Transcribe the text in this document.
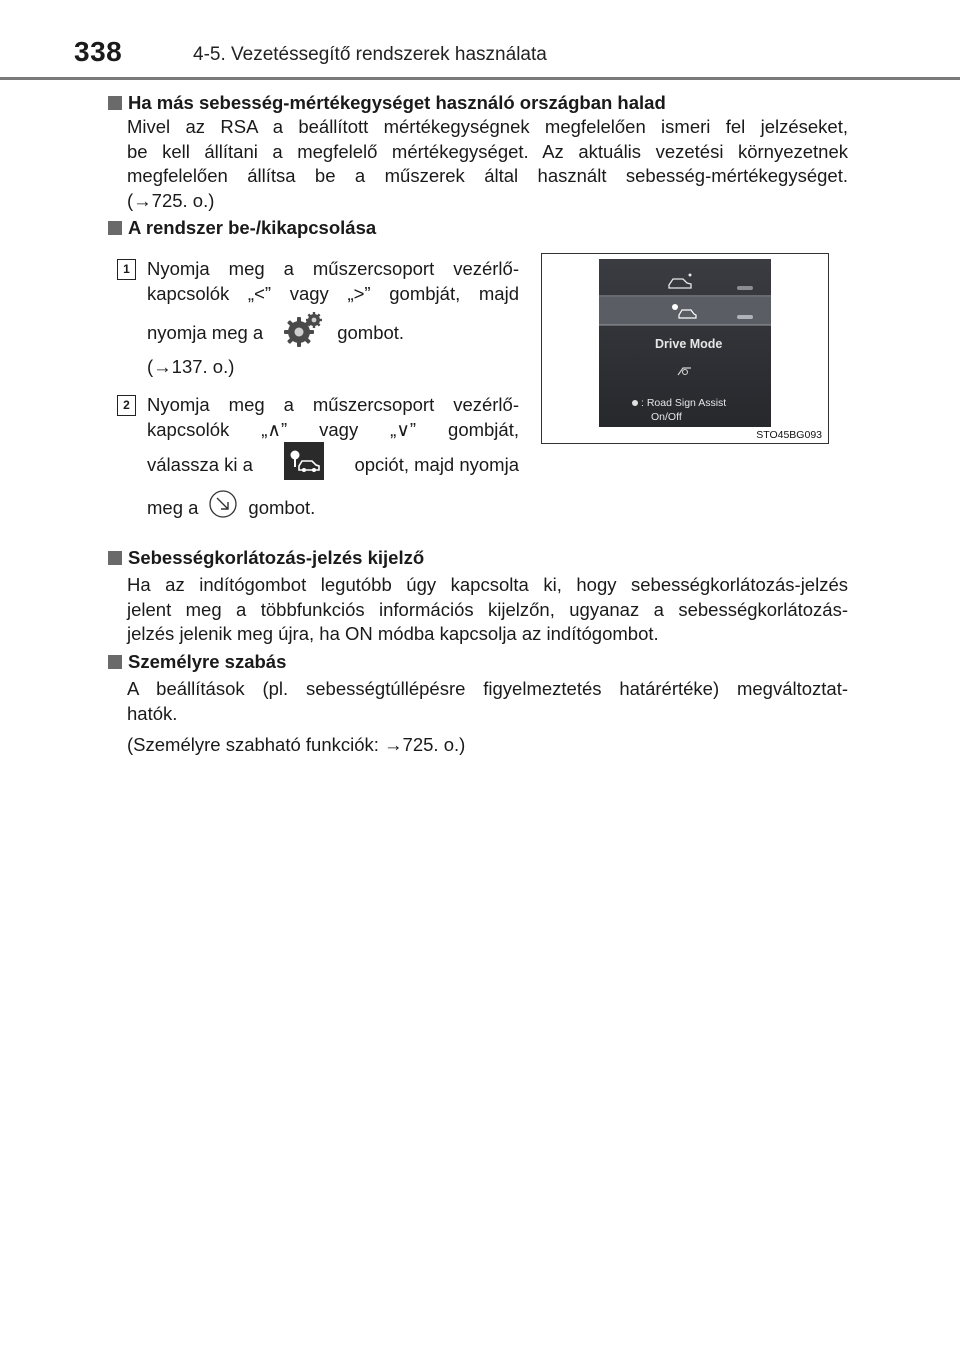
338	4-5. Vezetéssegítő rendszerek használata
Ha más sebesség-mértékegységet használó országban halad
Mivel az RSA a beállított mértékegységnek megfelelően ismeri fel jelzéseket,
be kell állítani a megfelelő mértékegységet. Az aktuális vezetési környezetnek
megfelelően állítsa be a műszerek által használt sebesség-mértékegységet.
(→725. o.)
A rendszer be-/kikapcsolása
1 Nyomja meg a műszercsoport vezérlő-
kapcsolók „<” vagy „>” gombját, majd
nyomja meg a	gombot.
(→137. o.)
2 Nyomja meg a műszercsoport vezérlő-
kapcsolók „∧” vagy „∨” gombját,
válassza ki a	opciót, majd nyomja
meg a	gombot.
Drive Mode
: Road Sign Assist
On/Off
STO45BG093
Sebességkorlátozás-jelzés kijelző
Ha az indítógombot legutóbb úgy kapcsolta ki, hogy sebességkorlátozás-jelzés
jelent meg a többfunkciós információs kijelzőn, ugyanaz a sebességkorlátozás-
jelzés jelenik meg újra, ha ON módba kapcsolja az indítógombot.
Személyre szabás
A beállítások (pl. sebességtúllépésre figyelmeztetés határértéke) megváltoztat-
hatók.
(Személyre szabható funkciók: →725. o.)
